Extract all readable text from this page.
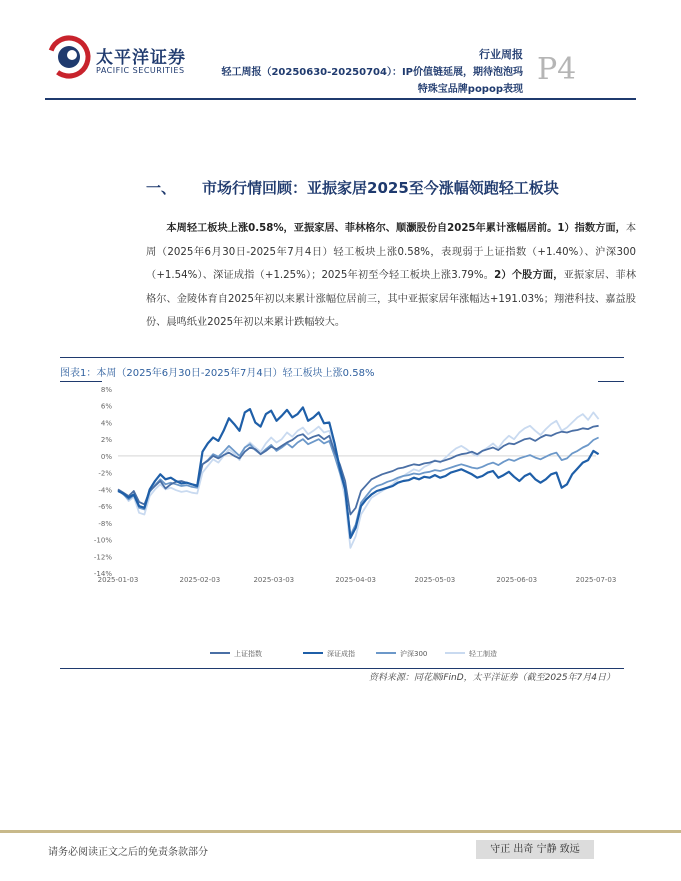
太平洋证券
PACIFIC SECURITIES
行业周报
轻工周报（20250630-20250704）：IP价值链延展，期待泡泡玛
特珠宝品牌popop表现
P4
一、 市场行情回顾：亚振家居2025至今涨幅领跑轻工板块
本周轻工板块上涨0.58%，亚振家居、菲林格尔、顺灏股份自2025年累计涨幅居前。1）指数方面，本周（2025年6月30日-2025年7月4日）轻工板块上涨0.58%，表现弱于上证指数（+1.40%）、沪深300（+1.54%）、深证成指（+1.25%）；2025年初至今轻工板块上涨3.79%。2）个股方面，亚振家居、菲林格尔、金陵体育自2025年初以来累计涨幅位居前三，其中亚振家居年涨幅达+191.03%；翔港科技、嘉益股份、晨鸣纸业2025年初以来累计跌幅较大。
图表1：本周（2025年6月30日-2025年7月4日）轻工板块上涨0.58%
8%
6%
4%
2%
0%
-2%
-4%
-6%
-8%
-10%
-12%
-14%
2025-01-03	2025-02-03	2025-03-03	2025-04-03	2025-05-03	2025-06-03	2025-07-03
上证指数	深证成指	沪深300	轻工制造
资料来源：同花顺iFinD，太平洋证券（截至2025年7月4日）
请务必阅读正文之后的免责条款部分	守正 出奇 宁静 致远
